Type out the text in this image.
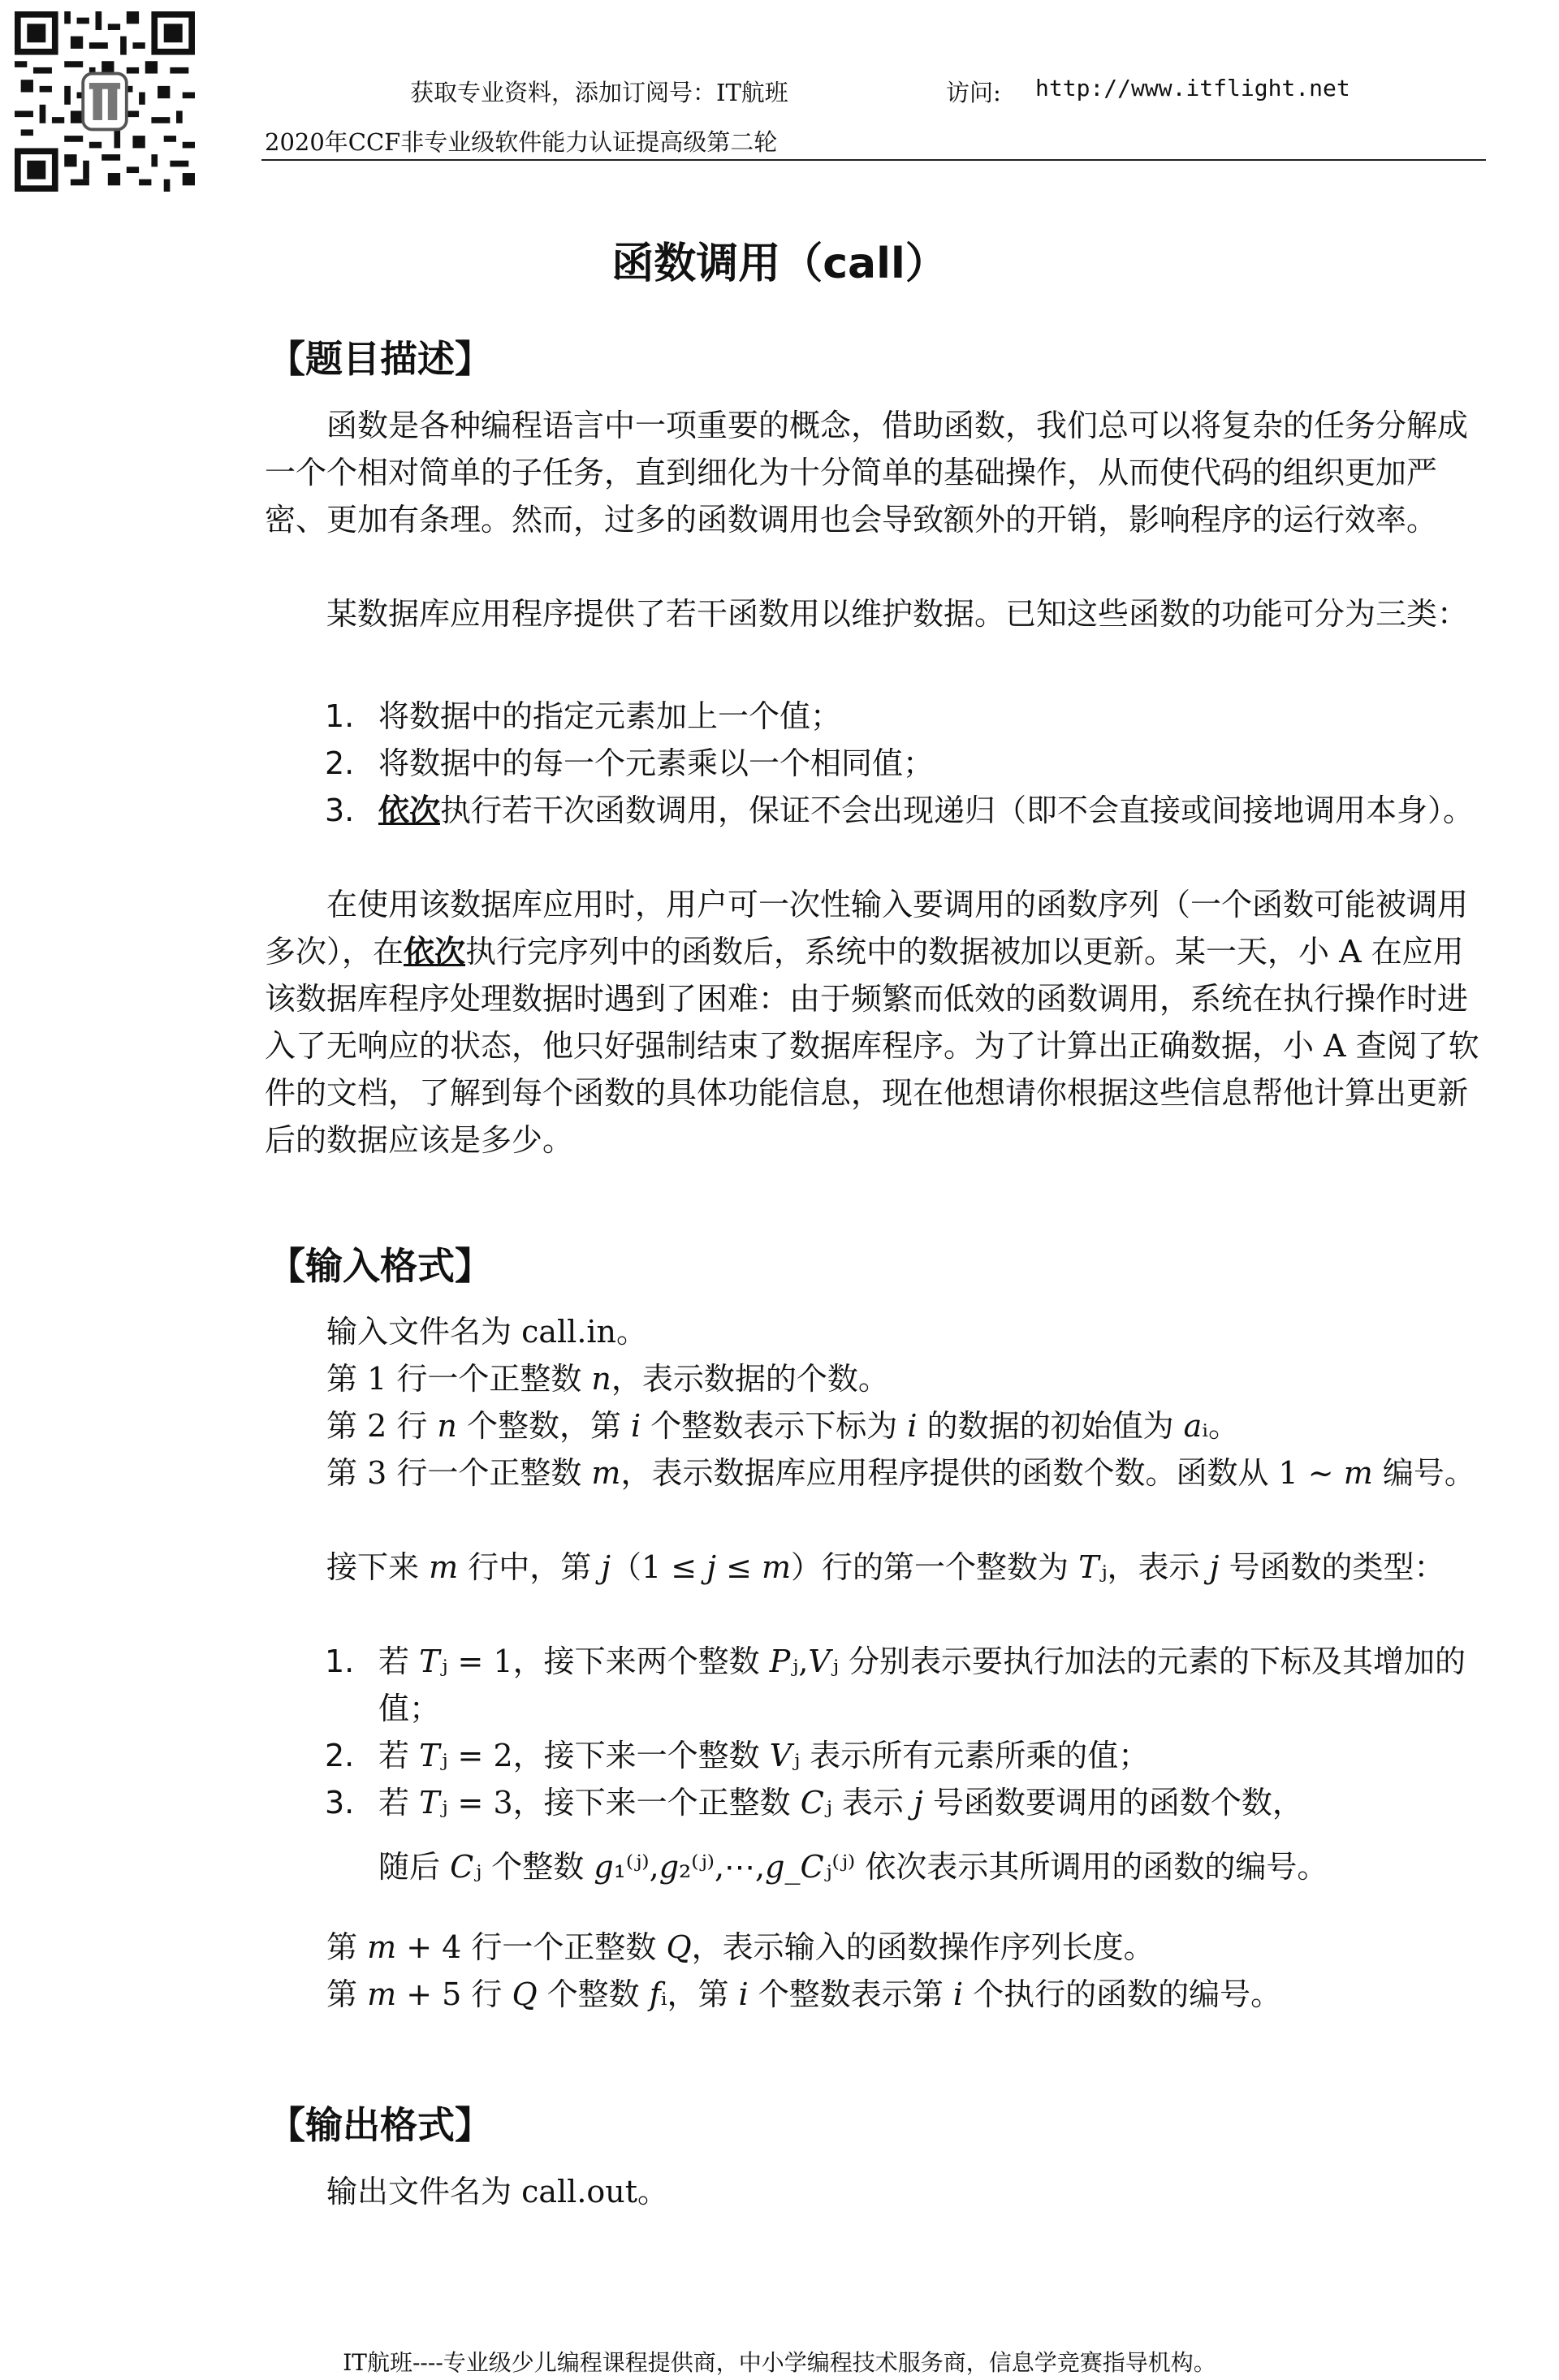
获取专业资料，添加订阅号：IT航班	访问: http://www.itflight.net
2020年CCF非专业级软件能力认证提高级第二轮
函数调用（call）
【题目描述】

函数是各种编程语言中一项重要的概念，借助函数，我们总可以将复杂的任务分解成一个个相对简单的子任务，直到细化为十分简单的基础操作，从而使代码的组织更加严密、更加有条理。然而，过多的函数调用也会导致额外的开销，影响程序的运行效率。

某数据库应用程序提供了若干函数用以维护数据。已知这些函数的功能可分为三类：

1. 将数据中的指定元素加上一个值；
2. 将数据中的每一个元素乘以一个相同值；
3. 依次执行若干次函数调用，保证不会出现递归（即不会直接或间接地调用本身）。

在使用该数据库应用时，用户可一次性输入要调用的函数序列（一个函数可能被调用多次），在依次执行完序列中的函数后，系统中的数据被加以更新。某一天，小 A 在应用该数据库程序处理数据时遇到了困难：由于频繁而低效的函数调用，系统在执行操作时进入了无响应的状态，他只好强制结束了数据库程序。为了计算出正确数据，小 A 查阅了软件的文档，了解到每个函数的具体功能信息，现在他想请你根据这些信息帮他计算出更新后的数据应该是多少。

【输入格式】

输入文件名为 call.in。

第 1 行一个正整数 𝑛，表示数据的个数。

第 2 行 𝑛 个整数，第 𝑖 个整数表示下标为 𝑖 的数据的初始值为 𝑎ᵢ。

第 3 行一个正整数 𝑚，表示数据库应用程序提供的函数个数。函数从 1 ~ 𝑚 编号。

接下来 𝑚 行中，第 𝑗（1 ≤ 𝑗 ≤ 𝑚）行的第一个整数为 𝑇ⱼ，表示 𝑗 号函数的类型：

1. 若 𝑇ⱼ = 1，接下来两个整数 𝑃ⱼ,𝑉ⱼ 分别表示要执行加法的元素的下标及其增加的值；
2. 若 𝑇ⱼ = 2，接下来一个整数 𝑉ⱼ 表示所有元素所乘的值；
3. 若 𝑇ⱼ = 3，接下来一个正整数 𝐶ⱼ 表示 𝑗 号函数要调用的函数个数，
随后 𝐶ⱼ 个整数 𝑔₁⁽ʲ⁾,𝑔₂⁽ʲ⁾,⋯,𝑔_𝐶ⱼ⁽ʲ⁾ 依次表示其所调用的函数的编号。

第 𝑚 + 4 行一个正整数 𝑄，表示输入的函数操作序列长度。

第 𝑚 + 5 行 𝑄 个整数 𝑓ᵢ，第 𝑖 个整数表示第 𝑖 个执行的函数的编号。

【输出格式】

输出文件名为 call.out。

IT航班----专业级少儿编程课程提供商，中小学编程技术服务商，信息学竞赛指导机构。
